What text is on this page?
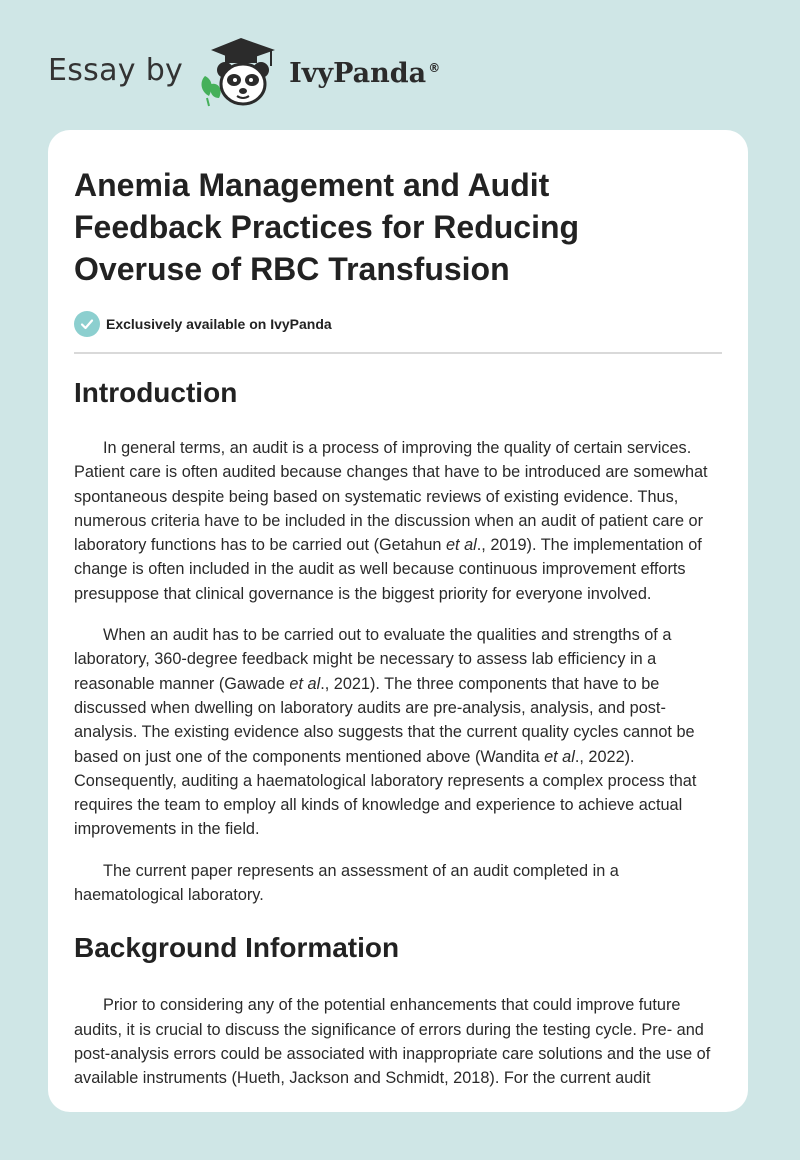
Essay by	IvyPanda ®
Anemia Management and Audit Feedback Practices for Reducing Overuse of RBC Transfusion
Exclusively available on IvyPanda
Introduction

In general terms, an audit is a process of improving the quality of certain services. Patient care is often audited because changes that have to be introduced are somewhat spontaneous despite being based on systematic reviews of existing evidence. Thus, numerous criteria have to be included in the discussion when an audit of patient care or laboratory functions has to be carried out (Getahun et al., 2019). The implementation of change is often included in the audit as well because continuous improvement efforts presuppose that clinical governance is the biggest priority for everyone involved.

When an audit has to be carried out to evaluate the qualities and strengths of a laboratory, 360-degree feedback might be necessary to assess lab efficiency in a reasonable manner (Gawade et al., 2021). The three components that have to be discussed when dwelling on laboratory audits are pre-analysis, analysis, and post-analysis. The existing evidence also suggests that the current quality cycles cannot be based on just one of the components mentioned above (Wandita et al., 2022). Consequently, auditing a haematological laboratory represents a complex process that requires the team to employ all kinds of knowledge and experience to achieve actual improvements in the field.

The current paper represents an assessment of an audit completed in a haematological laboratory.

Background Information

Prior to considering any of the potential enhancements that could improve future audits, it is crucial to discuss the significance of errors during the testing cycle. Pre- and post-analysis errors could be associated with inappropriate care solutions and the use of available instruments (Hueth, Jackson and Schmidt, 2018). For the current audit
